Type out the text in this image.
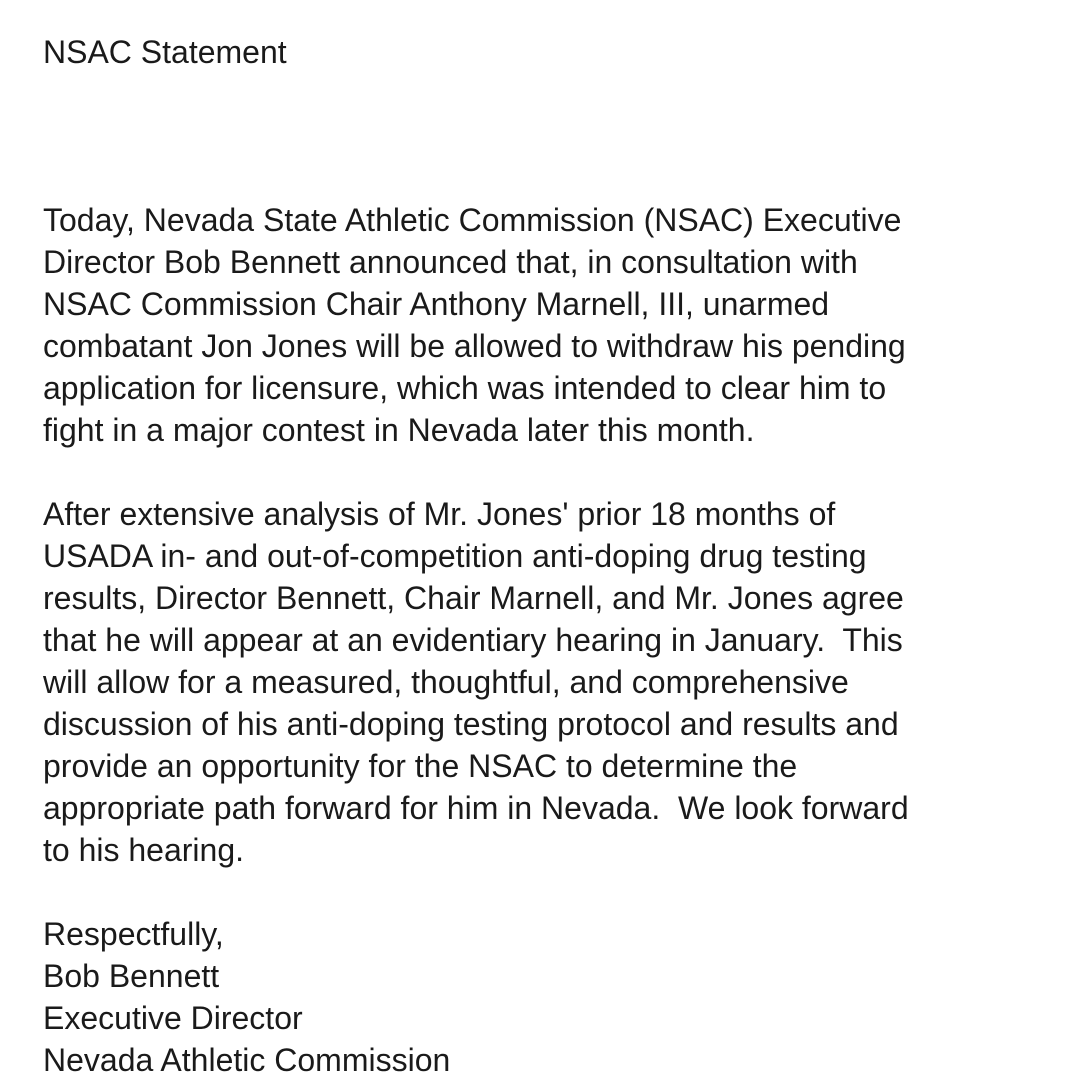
NSAC Statement
Today, Nevada State Athletic Commission (NSAC) Executive
Director Bob Bennett announced that, in consultation with
NSAC Commission Chair Anthony Marnell, III, unarmed
combatant Jon Jones will be allowed to withdraw his pending
application for licensure, which was intended to clear him to
fight in a major contest in Nevada later this month.
After extensive analysis of Mr. Jones' prior 18 months of
USADA in- and out-of-competition anti-doping drug testing
results, Director Bennett, Chair Marnell, and Mr. Jones agree
that he will appear at an evidentiary hearing in January.  This
will allow for a measured, thoughtful, and comprehensive
discussion of his anti-doping testing protocol and results and
provide an opportunity for the NSAC to determine the
appropriate path forward for him in Nevada.  We look forward
to his hearing.
Respectfully,
Bob Bennett
Executive Director
Nevada Athletic Commission
